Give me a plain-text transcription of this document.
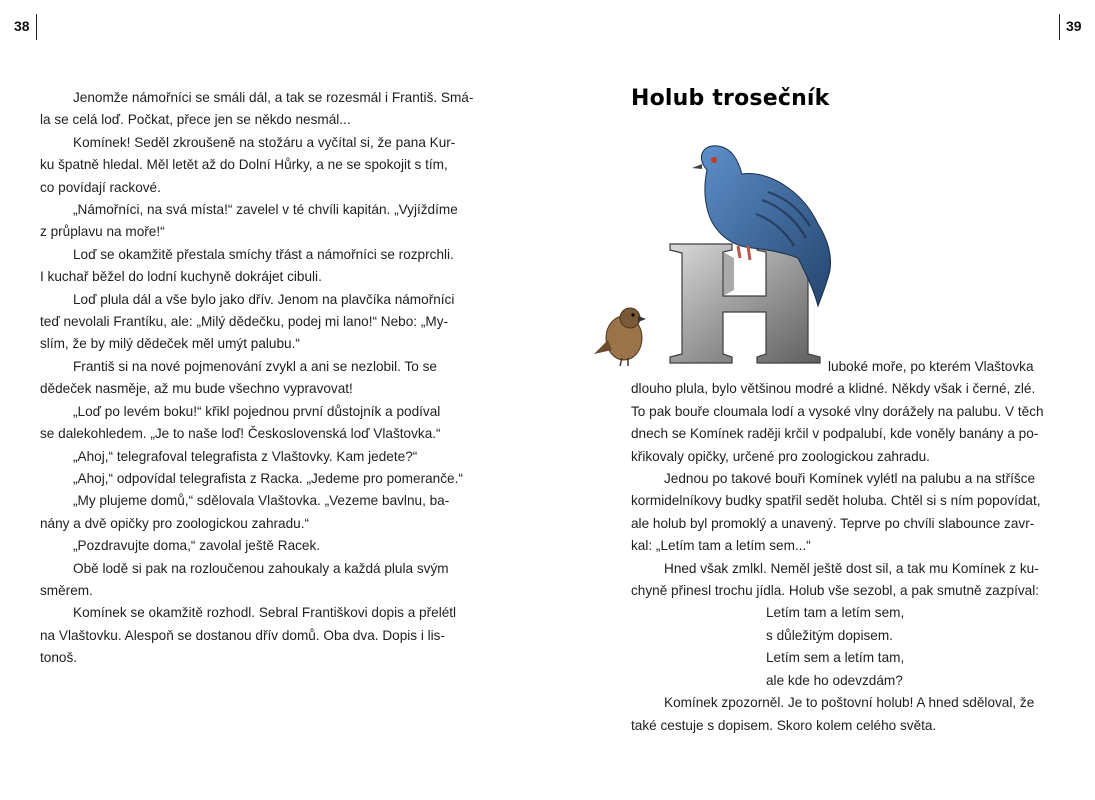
38	39
Jenomže námořníci se smáli dál, a tak se rozesmál i Františ. Smá-
la se celá loď. Počkat, přece jen se někdo nesmál...
Komínek! Seděl zkroušeně na stožáru a vyčítal si, že pana Kur-
ku špatně hledal. Měl letět až do Dolní Hůrky, a ne se spokojit s tím,
co povídají rackové.
„Námořníci, na svá místa!“ zavelel v té chvíli kapitán. „Vyjíždíme
z průplavu na moře!“
Loď se okamžitě přestala smíchy třást a námořníci se rozprchli.
I kuchař běžel do lodní kuchyně dokrájet cibuli.
Loď plula dál a vše bylo jako dřív. Jenom na plavčíka námořníci
teď nevolali Frantíku, ale: „Milý dědečku, podej mi lano!“ Nebo: „My-
slím, že by milý dědeček měl umýt palubu.“
Františ si na nové pojmenování zvykl a ani se nezlobil. To se
dědeček nasměje, až mu bude všechno vypravovat!
„Loď po levém boku!“ křikl pojednou první důstojník a podíval
se dalekohledem. „Je to naše loď! Československá loď Vlaštovka.“
„Ahoj,“ telegrafoval telegrafista z Vlaštovky. Kam jedete?“
„Ahoj,“ odpovídal telegrafista z Racka. „Jedeme pro pomeranče.“
„My plujeme domů,“ sdělovala Vlaštovka. „Vezeme bavlnu, ba-
nány a dvě opičky pro zoologickou zahradu.“
„Pozdravujte doma,“ zavolal ještě Racek.
Obě lodě si pak na rozloučenou zahoukaly a každá plula svým
směrem.
Komínek se okamžitě rozhodl. Sebral Františkovi dopis a přelétl
na Vlaštovku. Alespoň se dostanou dřív domů. Oba dva. Dopis i lis-
tonoš.
Holub trosečník
luboké moře, po kterém Vlaštovka
dlouho plula, bylo většinou modré a klidné. Někdy však i černé, zlé.
To pak bouře cloumala lodí a vysoké vlny dorážely na palubu. V těch
dnech se Komínek raději krčil v podpalubí, kde voněly banány a po-
křikovaly opičky, určené pro zoologickou zahradu.
Jednou po takové bouři Komínek vylétl na palubu a na stříšce
kormidelníkovy budky spatřil sedět holuba. Chtěl si s ním popovídat,
ale holub byl promoklý a unavený. Teprve po chvíli slabounce zavr-
kal: „Letím tam a letím sem...“
Hned však zmlkl. Neměl ještě dost sil, a tak mu Komínek z ku-
chyně přinesl trochu jídla. Holub vše sezobl, a pak smutně zazpíval:
Letím tam a letím sem,
s důležitým dopisem.
Letím sem a letím tam,
ale kde ho odevzdám?
Komínek zpozorněl. Je to poštovní holub! A hned sděloval, že
také cestuje s dopisem. Skoro kolem celého světa.
